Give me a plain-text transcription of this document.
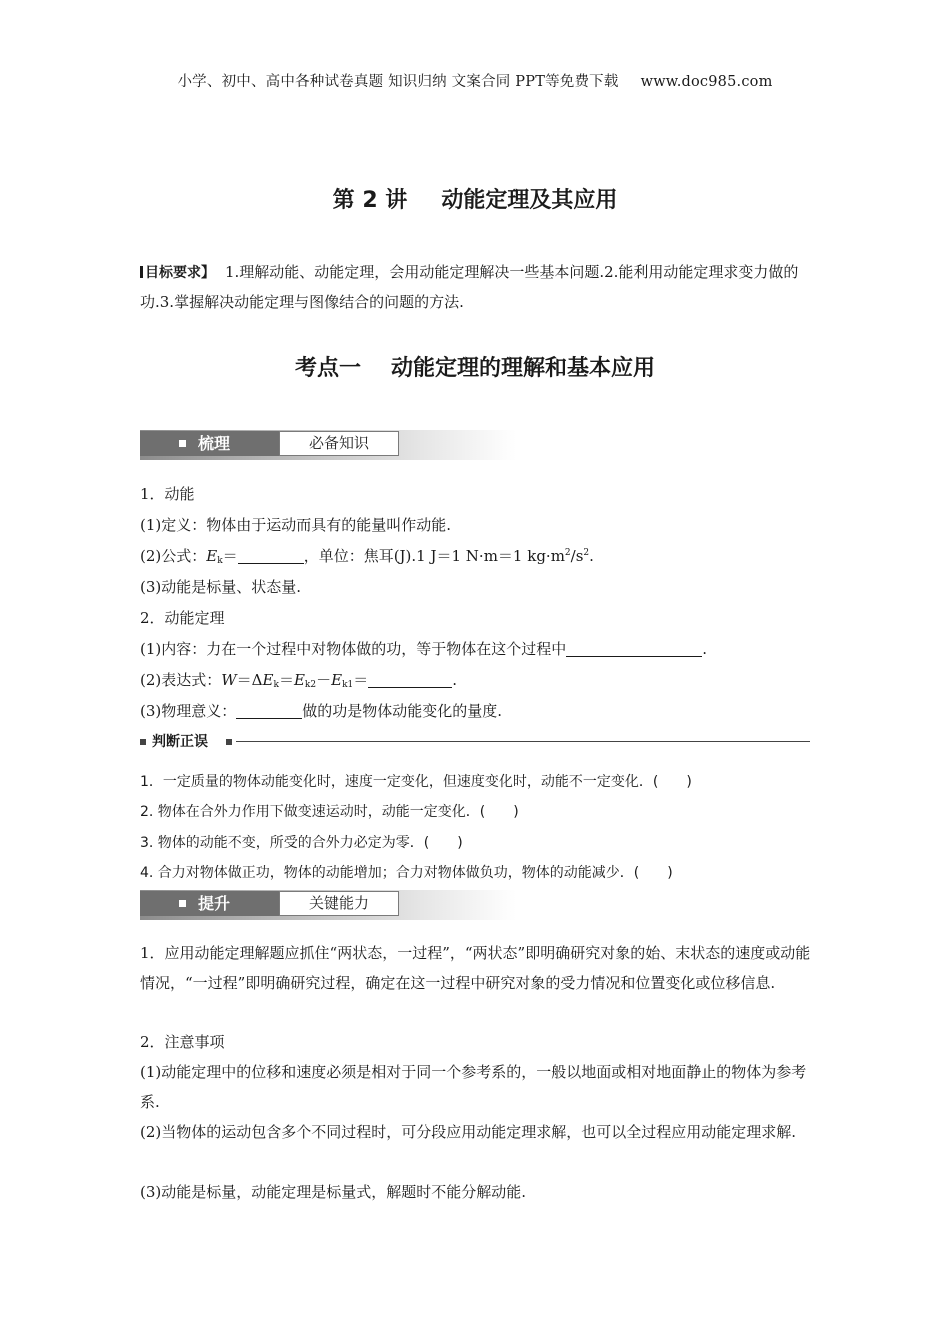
小学、初中、高中各种试卷真题 知识归纳 文案合同 PPT等免费下载 www.doc985.com
第 2 讲 动能定理及其应用
目标要求】 1.理解动能、动能定理，会用动能定理解决一些基本问题.2.能利用动能定理求变力做的功.3.掌握解决动能定理与图像结合的问题的方法.
考点一 动能定理的理解和基本应用
梳理	必备知识
1．动能
(1)定义：物体由于运动而具有的能量叫作动能.
(2)公式：$E_k=$	，单位：焦耳(J).1 J＝1 N·m＝1 $kg\cdot m^2/s^2$.
(3)动能是标量、状态量.
2．动能定理
(1)内容：力在一个过程中对物体做的功，等于物体在这个过程中	.
(2)表达式：$W=\Delta E_k=E_{k2}-E_{k1}=$	.
(3)物理意义：	做的功是物体动能变化的量度.
判断正误
1．一定质量的物体动能变化时，速度一定变化，但速度变化时，动能不一定变化．(　　)
2. 物体在合外力作用下做变速运动时，动能一定变化．(　　)
3. 物体的动能不变，所受的合外力必定为零．(　　)
4. 合力对物体做正功，物体的动能增加；合力对物体做负功，物体的动能减少．(　　)
提升	关键能力
1．应用动能定理解题应抓住“两状态，一过程”，“两状态”即明确研究对象的始、末状态的速度或动能情况，“一过程”即明确研究过程，确定在这一过程中研究对象的受力情况和位置变化或位移信息.
2．注意事项
(1)动能定理中的位移和速度必须是相对于同一个参考系的，一般以地面或相对地面静止的物体为参考系.
(2)当物体的运动包含多个不同过程时，可分段应用动能定理求解，也可以全过程应用动能定理求解.
(3)动能是标量，动能定理是标量式，解题时不能分解动能.
